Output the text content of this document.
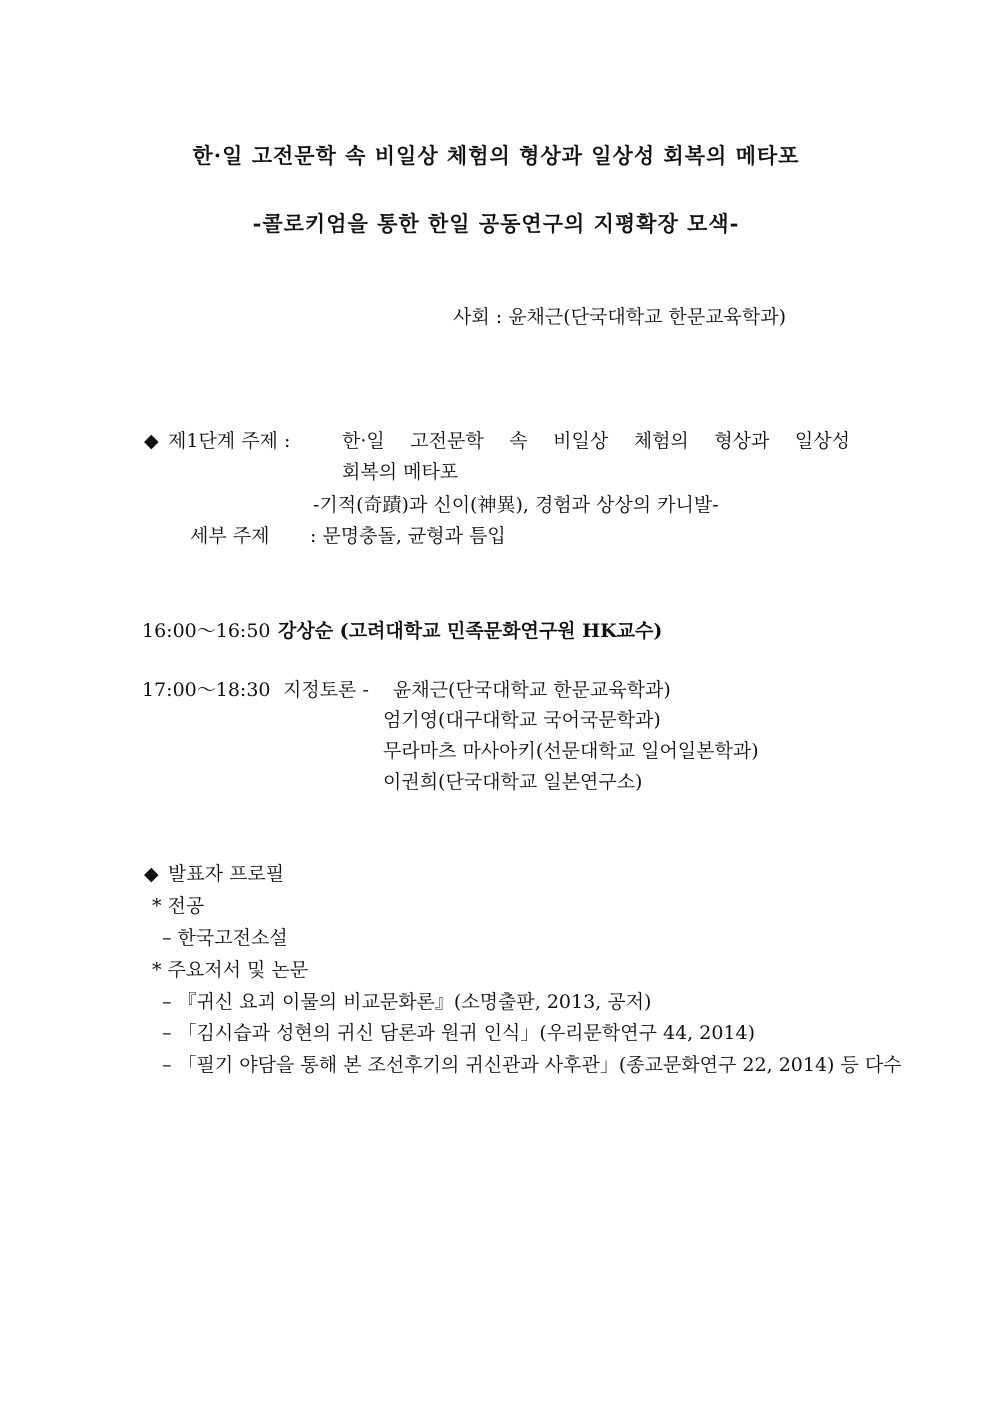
한·일 고전문학 속 비일상 체험의 형상과 일상성 회복의 메타포
-콜로키엄을 통한 한일 공동연구의 지평확장 모색-
사회 : 윤채근(단국대학교 한문교육학과)
◆ 제1단계 주제 :	한·일 고전문학 속 비일상 체험의 형상과 일상성
회복의 메타포
-기적(奇蹟)과 신이(神異), 경험과 상상의 카니발-
세부 주제 : 문명충돌, 균형과 틈입
16:00～16:50 강상순 (고려대학교 민족문화연구원 HK교수)
17:00～18:30 지정토론 - 윤채근(단국대학교 한문교육학과)
엄기영(대구대학교 국어국문학과)
무라마츠 마사아키(선문대학교 일어일본학과)
이권희(단국대학교 일본연구소)
◆ 발표자 프로필
* 전공
– 한국고전소설
* 주요저서 및 논문
– 『귀신 요괴 이물의 비교문화론』(소명출판, 2013, 공저)
– 「김시습과 성현의 귀신 담론과 원귀 인식」(우리문학연구 44, 2014)
– 「필기 야담을 통해 본 조선후기의 귀신관과 사후관」(종교문화연구 22, 2014) 등 다수
